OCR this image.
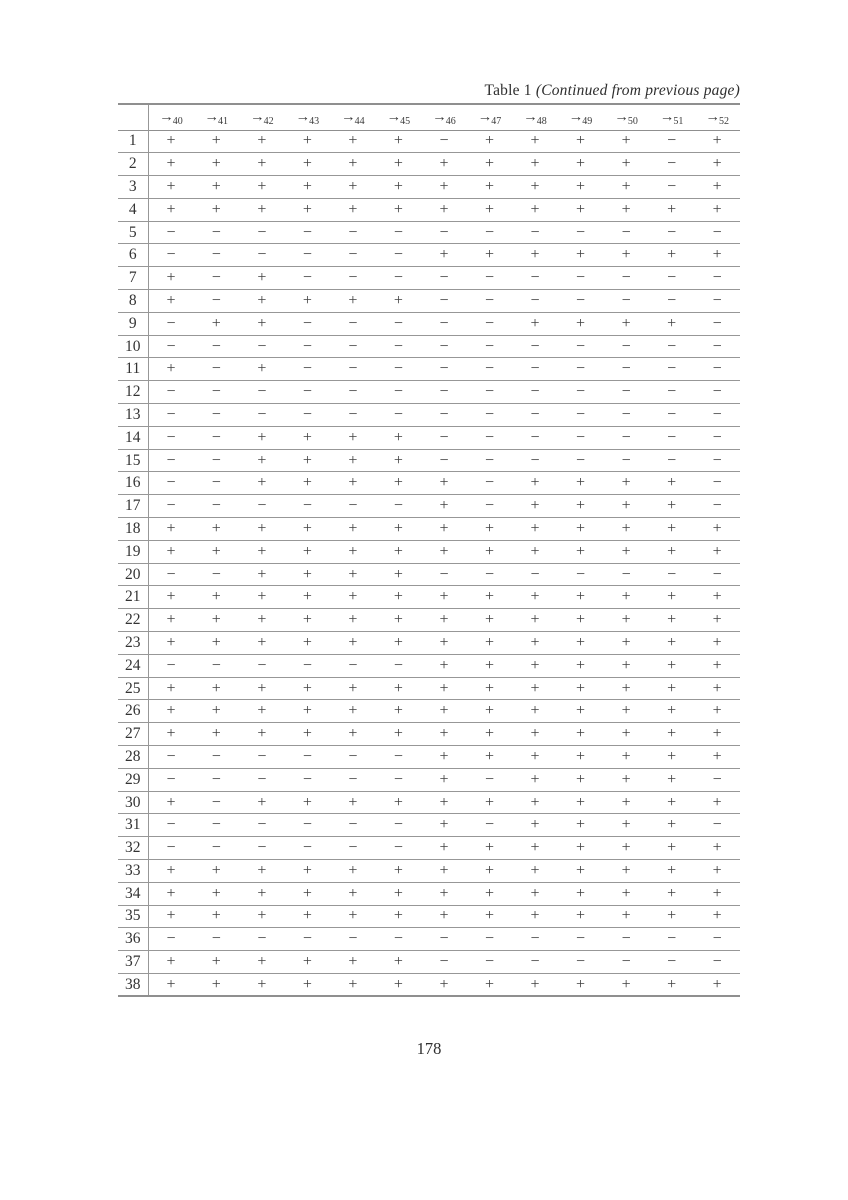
Table 1 (Continued from previous page)
	$\to_{40}$	$\to_{41}$	$\to_{42}$	$\to_{43}$	$\to_{44}$	$\to_{45}$	$\to_{46}$	$\to_{47}$	$\to_{48}$	$\to_{49}$	$\to_{50}$	$\to_{51}$	$\to_{52}$
1	+	+	+	+	+	+	−	+	+	+	+	−	+
2	+	+	+	+	+	+	+	+	+	+	+	−	+
3	+	+	+	+	+	+	+	+	+	+	+	−	+
4	+	+	+	+	+	+	+	+	+	+	+	+	+
5	−	−	−	−	−	−	−	−	−	−	−	−	−
6	−	−	−	−	−	−	+	+	+	+	+	+	+
7	+	−	+	−	−	−	−	−	−	−	−	−	−
8	+	−	+	+	+	+	−	−	−	−	−	−	−
9	−	+	+	−	−	−	−	−	+	+	+	+	−
10	−	−	−	−	−	−	−	−	−	−	−	−	−
11	+	−	+	−	−	−	−	−	−	−	−	−	−
12	−	−	−	−	−	−	−	−	−	−	−	−	−
13	−	−	−	−	−	−	−	−	−	−	−	−	−
14	−	−	+	+	+	+	−	−	−	−	−	−	−
15	−	−	+	+	+	+	−	−	−	−	−	−	−
16	−	−	+	+	+	+	+	−	+	+	+	+	−
17	−	−	−	−	−	−	+	−	+	+	+	+	−
18	+	+	+	+	+	+	+	+	+	+	+	+	+
19	+	+	+	+	+	+	+	+	+	+	+	+	+
20	−	−	+	+	+	+	−	−	−	−	−	−	−
21	+	+	+	+	+	+	+	+	+	+	+	+	+
22	+	+	+	+	+	+	+	+	+	+	+	+	+
23	+	+	+	+	+	+	+	+	+	+	+	+	+
24	−	−	−	−	−	−	+	+	+	+	+	+	+
25	+	+	+	+	+	+	+	+	+	+	+	+	+
26	+	+	+	+	+	+	+	+	+	+	+	+	+
27	+	+	+	+	+	+	+	+	+	+	+	+	+
28	−	−	−	−	−	−	+	+	+	+	+	+	+
29	−	−	−	−	−	−	+	−	+	+	+	+	−
30	+	−	+	+	+	+	+	+	+	+	+	+	+
31	−	−	−	−	−	−	+	−	+	+	+	+	−
32	−	−	−	−	−	−	+	+	+	+	+	+	+
33	+	+	+	+	+	+	+	+	+	+	+	+	+
34	+	+	+	+	+	+	+	+	+	+	+	+	+
35	+	+	+	+	+	+	+	+	+	+	+	+	+
36	−	−	−	−	−	−	−	−	−	−	−	−	−
37	+	+	+	+	+	+	−	−	−	−	−	−	−
38	+	+	+	+	+	+	+	+	+	+	+	+	+
178
